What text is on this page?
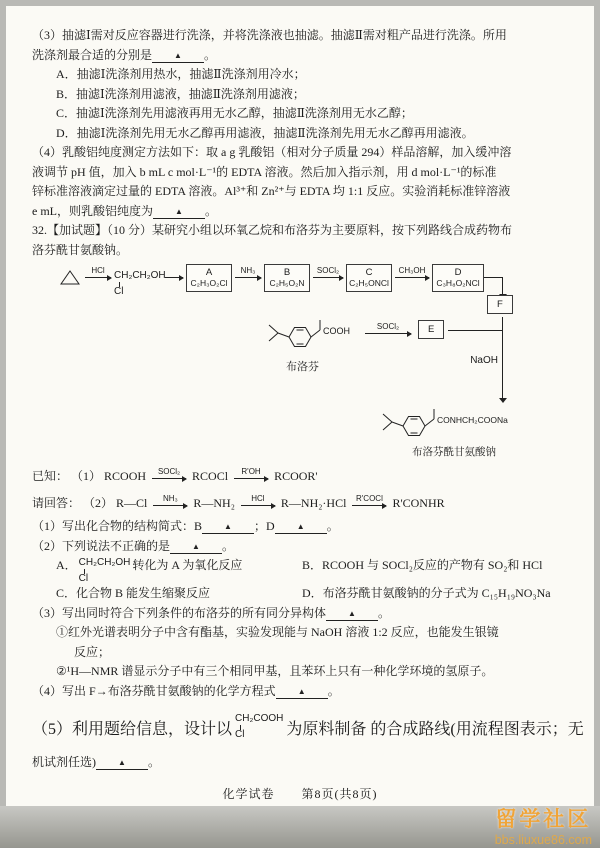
（3）抽滤Ⅰ需对反应容器进行洗涤，并将洗涤液也抽滤。抽滤Ⅱ需对粗产品进行洗涤。所用
洗涤剂最合适的分别是	▲ 。
A．抽滤Ⅰ洗涤剂用热水，抽滤Ⅱ洗涤剂用冷水；
B．抽滤Ⅰ洗涤剂用滤液，抽滤Ⅱ洗涤剂用滤液；
C．抽滤Ⅰ洗涤剂先用滤液再用无水乙醇，抽滤Ⅱ洗涤剂用无水乙醇；
D．抽滤Ⅰ洗涤剂先用无水乙醇再用滤液，抽滤Ⅱ洗涤剂先用无水乙醇再用滤液。
（4）乳酸铝纯度测定方法如下：取 a g 乳酸铝（相对分子质量 294）样品溶解，加入缓冲溶
液调节 pH 值，加入 b mL c mol·L⁻¹的 EDTA 溶液。然后加入指示剂，用 d mol·L⁻¹的标准
锌标准溶液滴定过量的 EDTA 溶液。Al³⁺和 Zn²⁺与 EDTA 均 1:1 反应。实验消耗标准锌溶液
e mL，则乳酸铝纯度为	▲ 。
32.【加试题】（10 分）某研究小组以环氧乙烷和布洛芬为主要原料，按下列路线合成药物布
洛芬酰甘氨酸钠。
HCl CH₂CH₂OH
Cl
A
C₂H₃O₂Cl
NH₃	B
C₂H₅O₂N
SOCl₂	C
C₂H₅ONCl
CH₃OH	D
C₃H₈O₂NCl
F
COOH
布洛芬
SOCl₂	E
NaOH
CONHCH₂COONa
布洛芬酰甘氨酸钠
已知： （1） RCOOH	SOCl₂ RCOCl	R'OH	RCOOR'
请回答： （2） R—Cl	NH₃	R—NH₂	HCl	R—NH₂·HCl	R'COCl R'CONHR
（1）写出化合物的结构简式：B	▲ ；D	▲ 。
（2）下列说法不正确的是	▲ 。
A． CH₂CH₂OH
Cl
转化为 A 为氧化反应	B．RCOOH 与 SOCl₂反应的产物有 SO₂和 HCl
C．化合物 B 能发生缩聚反应	D．布洛芬酰甘氨酸钠的分子式为 C₁₅H₁₉NO₃Na
（3）写出同时符合下列条件的布洛芬的所有同分异构体	▲ 。
①红外光谱表明分子中含有酯基，实验发现能与 NaOH 溶液 1:2 反应，也能发生银镜
反应；
②¹H—NMR 谱显示分子中有三个相同甲基，且苯环上只有一种化学环境的氢原子。
（4）写出 F→布洛芬酰甘氨酸钠的化学方程式	▲ 。
（5）利用题给信息，设计以
CH₂COOH
Cl	为原料制备 的合成路线(用流程图表示；无
机试剂任选)	▲ 。
化学试卷 第8页(共8页)
留学社区
bbs.liuxue86.com
